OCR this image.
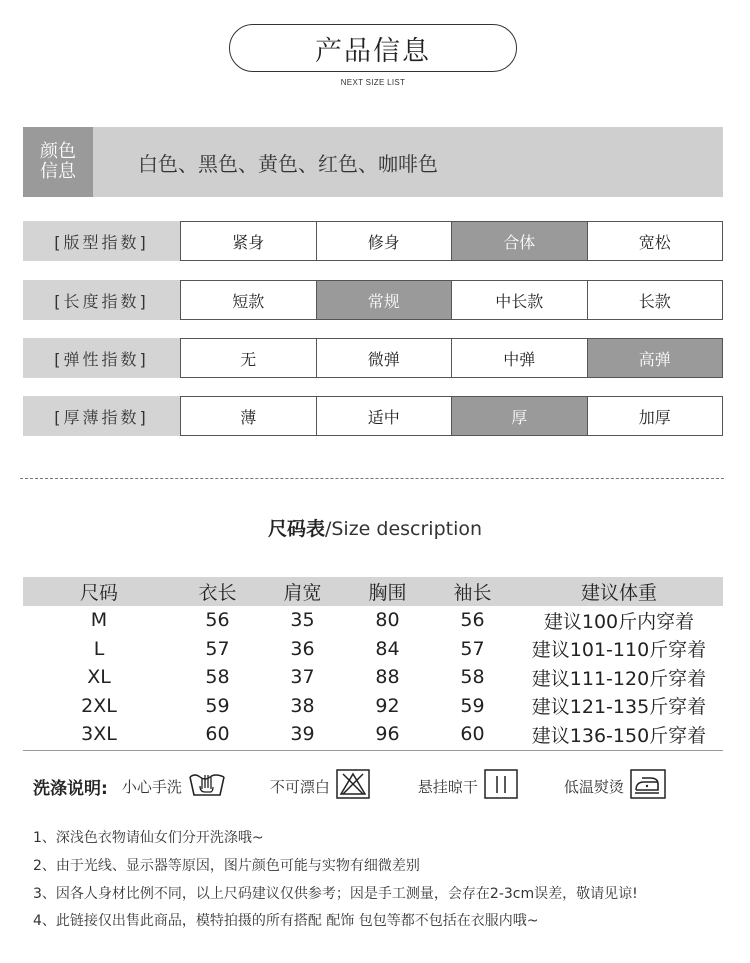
产品信息
NEXT SIZE LIST
颜色
信息	白色、黑色、黄色、红色、咖啡色
[版型指数]	紧身	修身	合体	宽松
[长度指数]	短款	常规	中长款	长款
[弹性指数]	无	微弹	中弹	高弹
[厚薄指数]	薄	适中	厚	加厚
尺码表/Size description
尺码	衣长	肩宽	胸围	袖长	建议体重
M	56	35	80	56	建议100斤内穿着
L	57	36	84	57	建议101-110斤穿着
XL	58	37	88	58	建议111-120斤穿着
2XL	59	38	92	59	建议121-135斤穿着
3XL	60	39	96	60	建议136-150斤穿着
洗涤说明: 小心手洗	不可漂白	悬挂晾干	低温熨烫
1、深浅色衣物请仙女们分开洗涤哦~
2、由于光线、显示器等原因，图片颜色可能与实物有细微差别
3、因各人身材比例不同，以上尺码建议仅供参考；因是手工测量，会存在2-3cm误差，敬请见谅!
4、此链接仅出售此商品，模特拍摄的所有搭配 配饰 包包等都不包括在衣服内哦~
